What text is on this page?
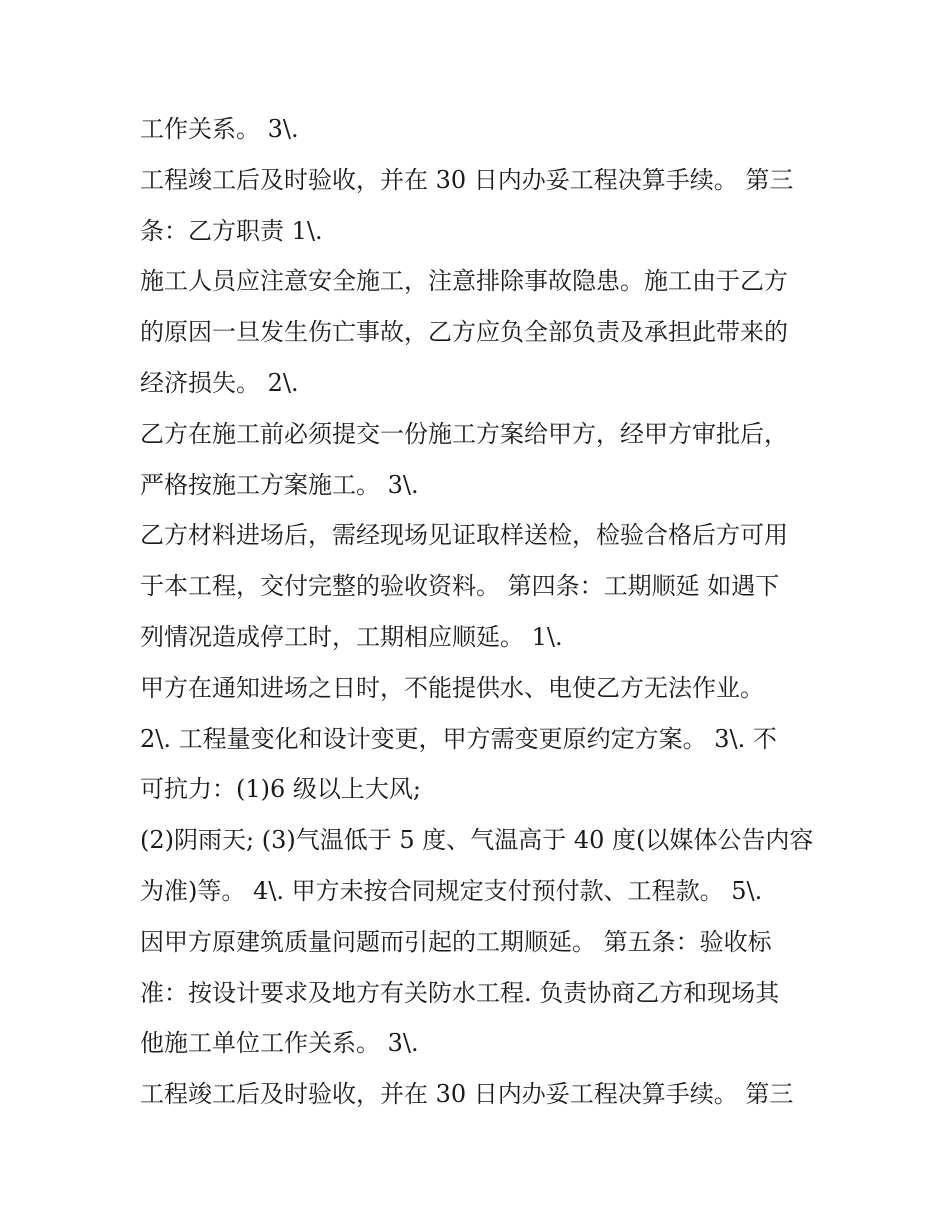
工作关系。 3\.
工程竣工后及时验收，并在 30 日内办妥工程决算手续。 第三
条：乙方职责 1\.
施工人员应注意安全施工，注意排除事故隐患。施工由于乙方
的原因一旦发生伤亡事故，乙方应负全部负责及承担此带来的
经济损失。 2\.
乙方在施工前必须提交一份施工方案给甲方，经甲方审批后，
严格按施工方案施工。 3\.
乙方材料进场后，需经现场见证取样送检，检验合格后方可用
于本工程，交付完整的验收资料。 第四条：工期顺延 如遇下
列情况造成停工时，工期相应顺延。 1\.
甲方在通知进场之日时，不能提供水、电使乙方无法作业。
2\. 工程量变化和设计变更，甲方需变更原约定方案。 3\. 不
可抗力：(1)6 级以上大风;
(2)阴雨天; (3)气温低于 5 度、气温高于 40 度(以媒体公告内容
为准)等。 4\. 甲方未按合同规定支付预付款、工程款。 5\.
因甲方原建筑质量问题而引起的工期顺延。 第五条：验收标
准：按设计要求及地方有关防水工程. 负责协商乙方和现场其
他施工单位工作关系。 3\.
工程竣工后及时验收，并在 30 日内办妥工程决算手续。 第三
